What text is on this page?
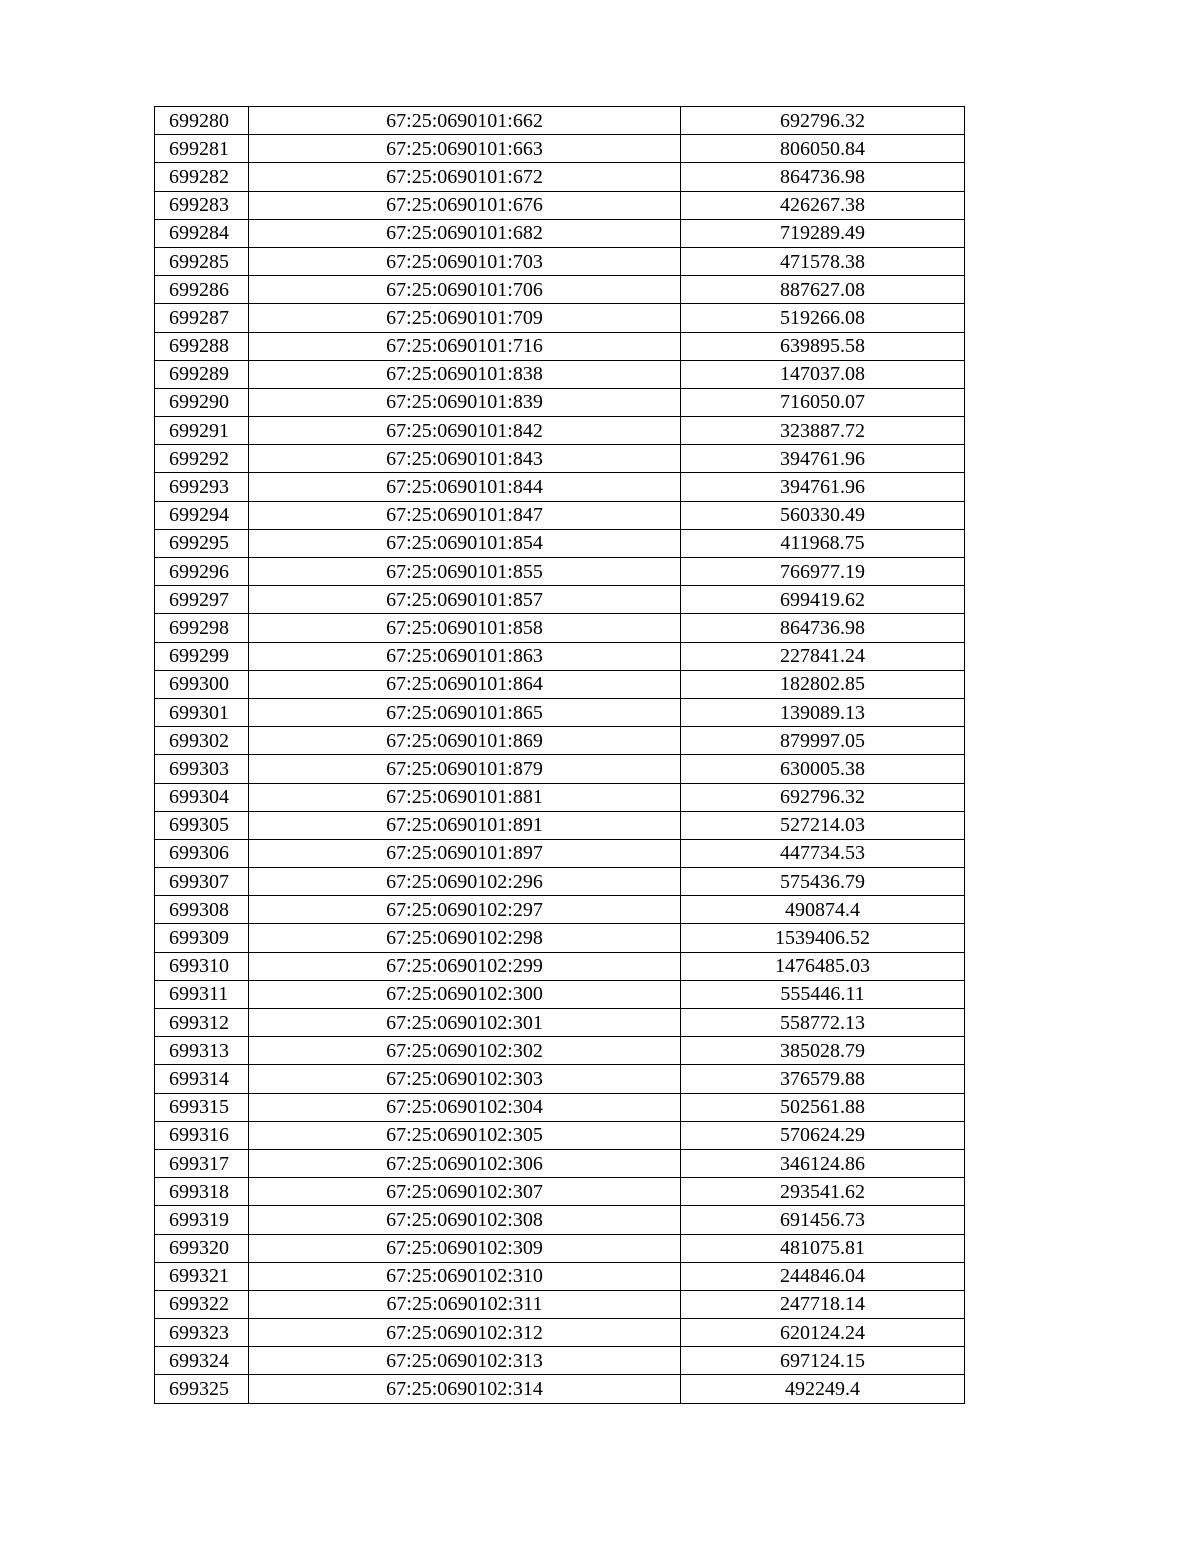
699280	67:25:0690101:662	692796.32
699281	67:25:0690101:663	806050.84
699282	67:25:0690101:672	864736.98
699283	67:25:0690101:676	426267.38
699284	67:25:0690101:682	719289.49
699285	67:25:0690101:703	471578.38
699286	67:25:0690101:706	887627.08
699287	67:25:0690101:709	519266.08
699288	67:25:0690101:716	639895.58
699289	67:25:0690101:838	147037.08
699290	67:25:0690101:839	716050.07
699291	67:25:0690101:842	323887.72
699292	67:25:0690101:843	394761.96
699293	67:25:0690101:844	394761.96
699294	67:25:0690101:847	560330.49
699295	67:25:0690101:854	411968.75
699296	67:25:0690101:855	766977.19
699297	67:25:0690101:857	699419.62
699298	67:25:0690101:858	864736.98
699299	67:25:0690101:863	227841.24
699300	67:25:0690101:864	182802.85
699301	67:25:0690101:865	139089.13
699302	67:25:0690101:869	879997.05
699303	67:25:0690101:879	630005.38
699304	67:25:0690101:881	692796.32
699305	67:25:0690101:891	527214.03
699306	67:25:0690101:897	447734.53
699307	67:25:0690102:296	575436.79
699308	67:25:0690102:297	490874.4
699309	67:25:0690102:298	1539406.52
699310	67:25:0690102:299	1476485.03
699311	67:25:0690102:300	555446.11
699312	67:25:0690102:301	558772.13
699313	67:25:0690102:302	385028.79
699314	67:25:0690102:303	376579.88
699315	67:25:0690102:304	502561.88
699316	67:25:0690102:305	570624.29
699317	67:25:0690102:306	346124.86
699318	67:25:0690102:307	293541.62
699319	67:25:0690102:308	691456.73
699320	67:25:0690102:309	481075.81
699321	67:25:0690102:310	244846.04
699322	67:25:0690102:311	247718.14
699323	67:25:0690102:312	620124.24
699324	67:25:0690102:313	697124.15
699325	67:25:0690102:314	492249.4
